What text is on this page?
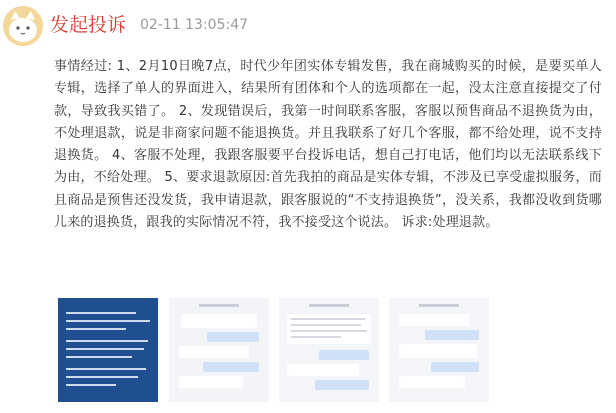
发起投诉 02-11 13:05:47
事情经过: 1、2月10日晚7点，时代少年团实体专辑发售，我在商城购买的时候，是要买单人专辑，选择了单人的界面进入，结果所有团体和个人的选项都在一起，没太注意直接提交了付款，导致我买错了。 2、发现错误后，我第一时间联系客服，客服以预售商品不退换货为由，不处理退款，说是非商家问题不能退换货。并且我联系了好几个客服，都不给处理，说不支持退换货。 4、客服不处理，我跟客服要平台投诉电话，想自己打电话，他们均以无法联系线下为由，不给处理。 5、要求退款原因:首先我拍的商品是实体专辑，不涉及已享受虚拟服务，而且商品是预售还没发货，我申请退款，跟客服说的“不支持退换货”，没关系，我都没收到货哪儿来的退换货，跟我的实际情况不符，我不接受这个说法。 诉求:处理退款。
